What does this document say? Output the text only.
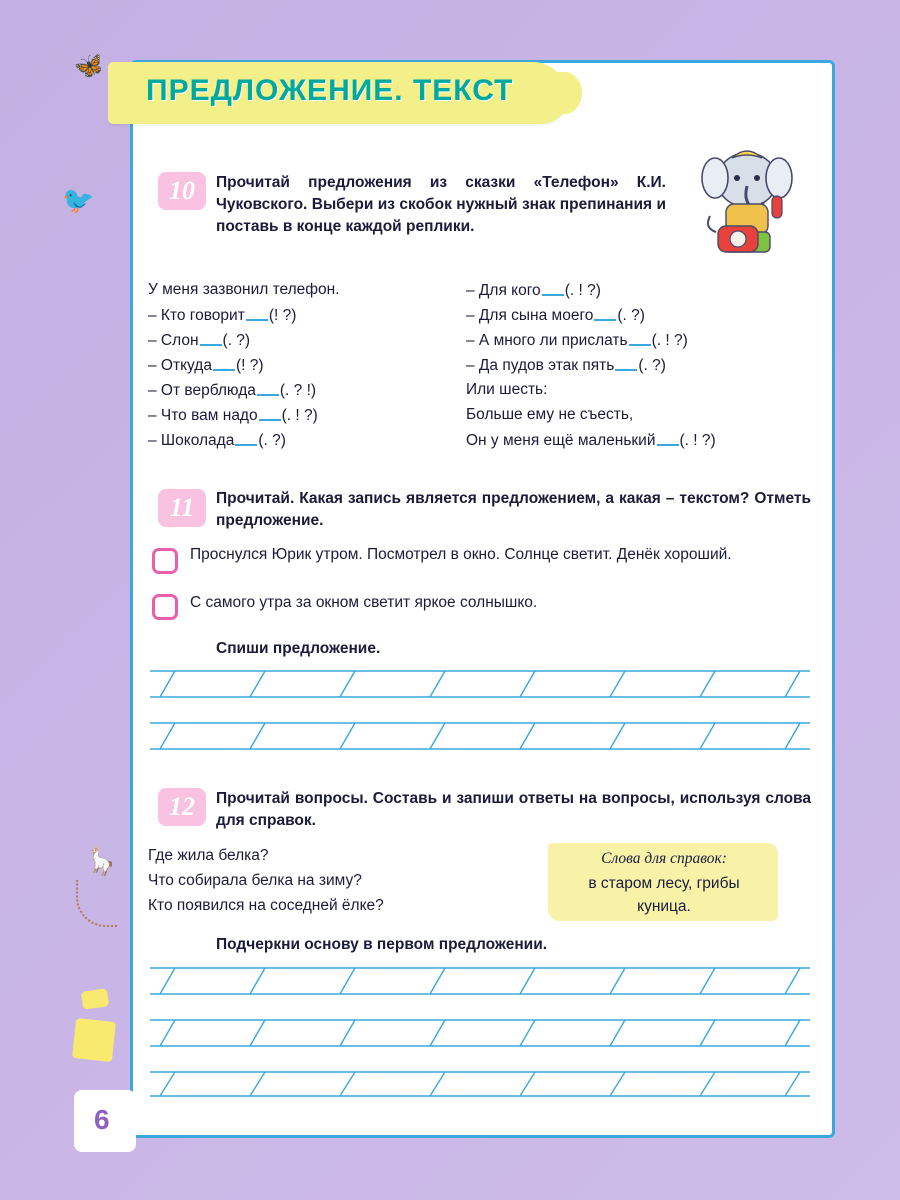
🦋
🐦
🦙
ПРЕДЛОЖЕНИЕ. ТЕКСТ
6
10	Прочитай предложения из сказки «Телефон» К.И. Чуковского. Выбери из скобок нужный знак препинания и поставь в конце каждой реплики.
У меня зазвонил телефон.
– Кто говорит (! ?)
– Слон (. ?)
– Откуда (! ?)
– От верблюда (. ? !)
– Что вам надо (. ! ?)
– Шоколада (. ?)
– Для кого (. ! ?)
– Для сына моего (. ?)
– А много ли прислать (. ! ?)
– Да пудов этак пять (. ?)
Или шесть:
Больше ему не съесть,
Он у меня ещё маленький (. ! ?)
11	Прочитай. Какая запись является предложением, а какая – текстом? Отметь предложение.
Проснулся Юрик утром. Посмотрел в окно. Солнце светит. Денёк хороший.
С самого утра за окном светит яркое солнышко.
Спиши предложение.
12	Прочитай вопросы. Составь и запиши ответы на вопросы, используя слова для справок.
Где жила белка?
Что собирала белка на зиму?
Кто появился на соседней ёлке?
Слова для справок:
в старом лесу, грибы
куница.
Подчеркни основу в первом предложении.
